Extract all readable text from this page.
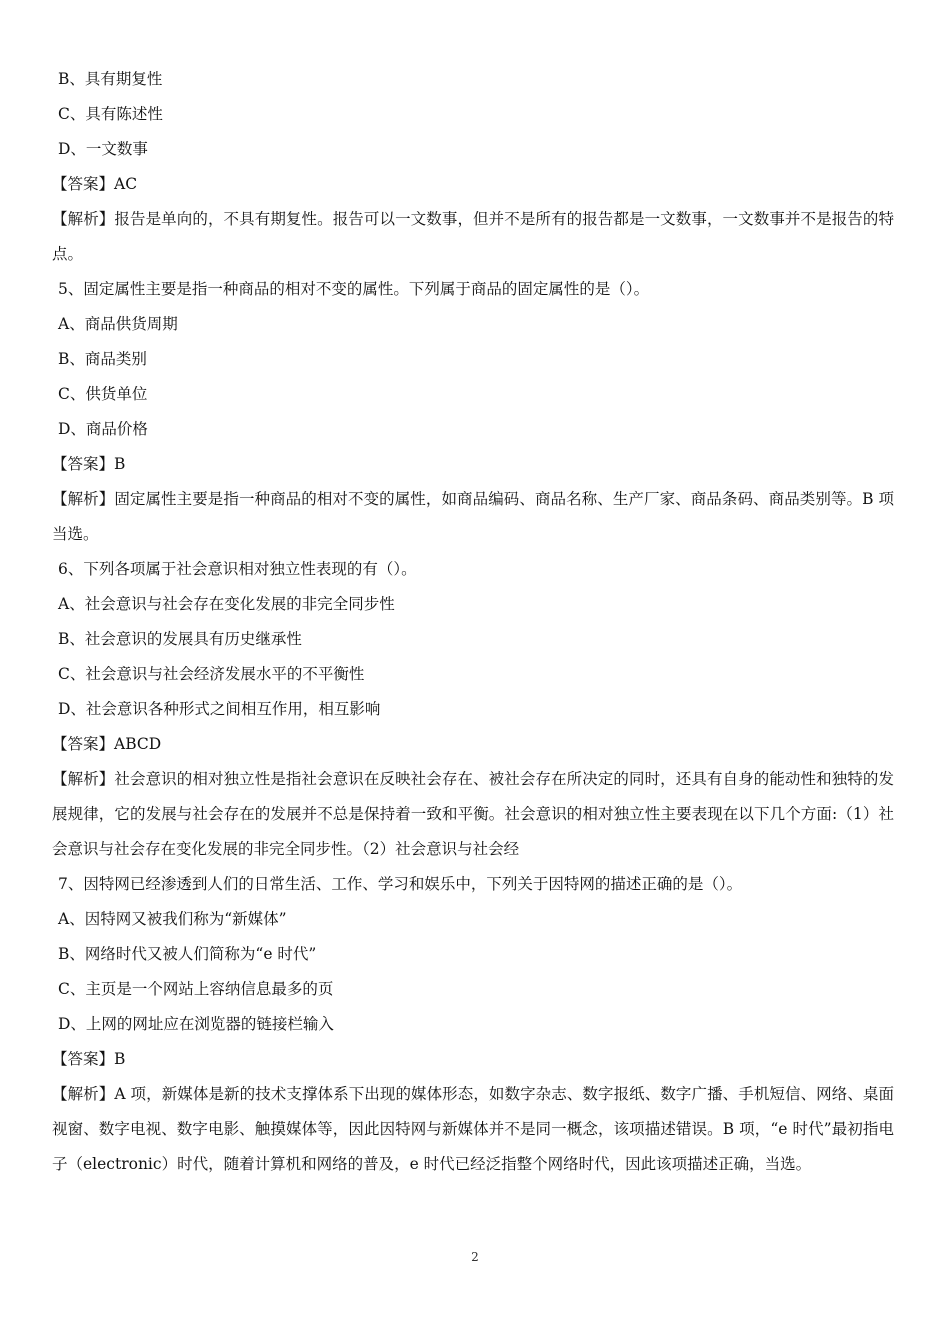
B、具有期复性
C、具有陈述性
D、一文数事
【答案】AC
【解析】报告是单向的，不具有期复性。报告可以一文数事，但并不是所有的报告都是一文数事，一文数事并不是报告的特点。
5、固定属性主要是指一种商品的相对不变的属性。下列属于商品的固定属性的是（）。
A、商品供货周期
B、商品类别
C、供货单位
D、商品价格
【答案】B
【解析】固定属性主要是指一种商品的相对不变的属性，如商品编码、商品名称、生产厂家、商品条码、商品类别等。B 项当选。
6、下列各项属于社会意识相对独立性表现的有（）。
A、社会意识与社会存在变化发展的非完全同步性
B、社会意识的发展具有历史继承性
C、社会意识与社会经济发展水平的不平衡性
D、社会意识各种形式之间相互作用，相互影响
【答案】ABCD
【解析】社会意识的相对独立性是指社会意识在反映社会存在、被社会存在所决定的同时，还具有自身的能动性和独特的发展规律，它的发展与社会存在的发展并不总是保持着一致和平衡。社会意识的相对独立性主要表现在以下几个方面:（1）社会意识与社会存在变化发展的非完全同步性。（2）社会意识与社会经
7、因特网已经渗透到人们的日常生活、工作、学习和娱乐中，下列关于因特网的描述正确的是（）。
A、因特网又被我们称为“新媒体”
B、网络时代又被人们简称为“e 时代”
C、主页是一个网站上容纳信息最多的页
D、上网的网址应在浏览器的链接栏输入
【答案】B
【解析】A 项，新媒体是新的技术支撑体系下出现的媒体形态，如数字杂志、数字报纸、数字广播、手机短信、网络、桌面视窗、数字电视、数字电影、触摸媒体等，因此因特网与新媒体并不是同一概念，该项描述错误。B 项，“e 时代”最初指电子（electronic）时代，随着计算机和网络的普及，e 时代已经泛指整个网络时代，因此该项描述正确，当选。
2
